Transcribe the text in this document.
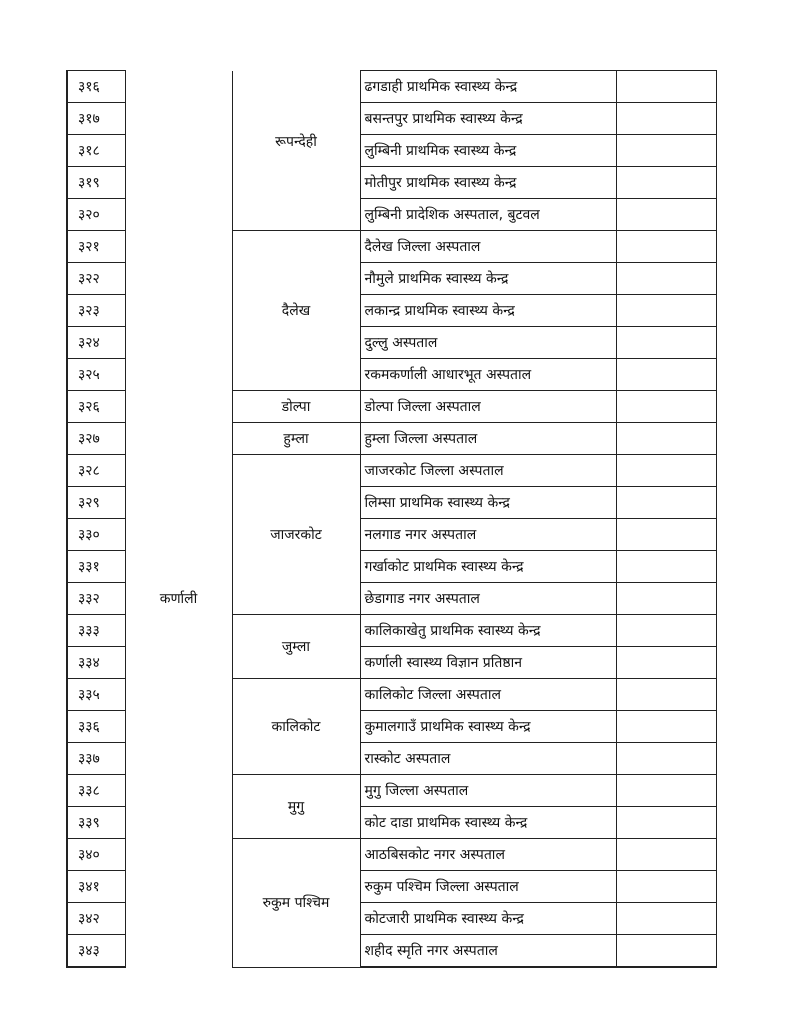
३१६		रूपन्देही	ढगडाही प्राथमिक स्वास्थ्य केन्द्र	
३१७			बसन्तपुर प्राथमिक स्वास्थ्य केन्द्र	
३१८			लुम्बिनी प्राथमिक स्वास्थ्य केन्द्र	
३१९			मोतीपुर प्राथमिक स्वास्थ्य केन्द्र	
३२०			लुम्बिनी प्रादेशिक अस्पताल, बुटवल	
३२१	कर्णाली	दैलेख	दैलेख जिल्ला अस्पताल	
३२२			नौमुले प्राथमिक स्वास्थ्य केन्द्र	
३२३			लकान्द्र प्राथमिक स्वास्थ्य केन्द्र	
३२४			दुल्लु अस्पताल	
३२५			रकमकर्णाली आधारभूत अस्पताल	
३२६		डोल्पा	डोल्पा जिल्ला अस्पताल	
३२७		हुम्ला	हुम्ला जिल्ला अस्पताल	
३२८		जाजरकोट	जाजरकोट जिल्ला अस्पताल	
३२९			लिम्सा प्राथमिक स्वास्थ्य केन्द्र	
३३०			नलगाड नगर अस्पताल	
३३१			गर्खाकोट प्राथमिक स्वास्थ्य केन्द्र	
३३२			छेडागाड नगर अस्पताल	
३३३		जुम्ला	कालिकाखेतु प्राथमिक स्वास्थ्य केन्द्र	
३३४			कर्णाली स्वास्थ्य विज्ञान प्रतिष्ठान	
३३५		कालिकोट	कालिकोट जिल्ला अस्पताल	
३३६			कुमालगाउँ प्राथमिक स्वास्थ्य केन्द्र	
३३७			रास्कोट अस्पताल	
३३८		मुगु	मुगु जिल्ला अस्पताल	
३३९			कोट दाडा प्राथमिक स्वास्थ्य केन्द्र	
३४०		रुकुम पश्चिम	आठबिसकोट नगर अस्पताल	
३४१			रुकुम पश्चिम जिल्ला अस्पताल	
३४२			कोटजारी प्राथमिक स्वास्थ्य केन्द्र	
३४३			शहीद स्मृति नगर अस्पताल	
